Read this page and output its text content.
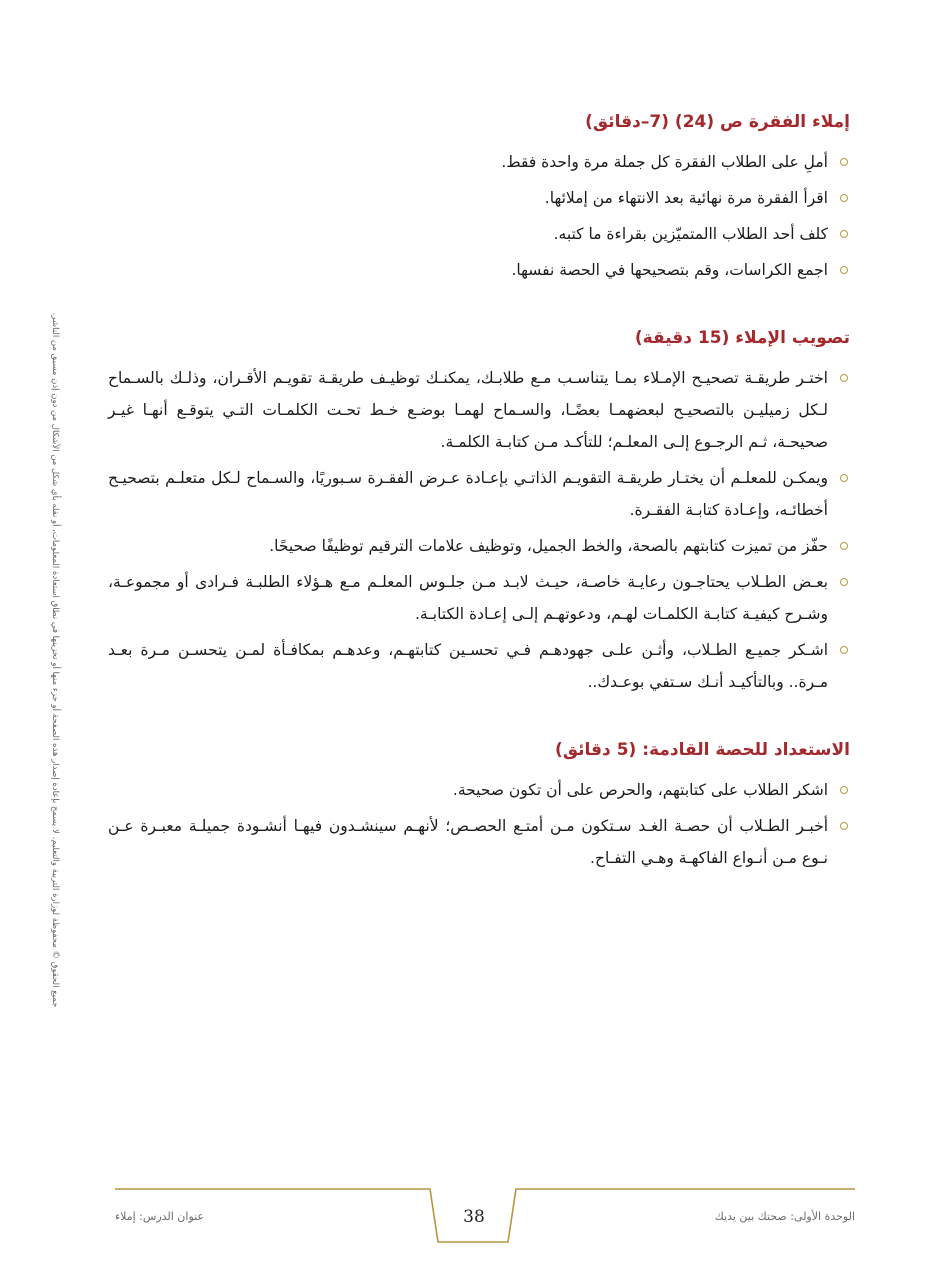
جميع الحقوق © محفوظة لوزارة التربية والتعليم. لا يسمح بإعادة إصدار هذه الصفحة أو جزء منها أو تخزينها في نطاق استعادة المعلومات، أو نقله بأي شكل من الأشكال من دون إذن مسبق من الناشر.
إملاء الفقرة ص (24) (7–دقائق)
أملِ على الطلاب الفقرة كل جملة مرة واحدة فقط.
اقرأ الفقرة مرة نهائية بعد الانتهاء من إملائها.
كلف أحد الطلاب االمتميّزين بقراءة ما كتبه.
اجمع الكراسات، وقم بتصحيحها في الحصة نفسها.
تصويب الإملاء (15 دقيقة)
اختـر طريقـة تصحيـح الإمـلاء بمـا يتناسـب مـع طلابـك، يمكنـك توظيـف طريقـة تقويـم الأقـران، وذلـك بالسـماح لـكل زميليـن بالتصحيـح لبعضهمـا بعضًـا، والسـماح لهمـا بوضـع خـط تحـت الكلمـات التـي يتوقـع أنهـا غيـر صحيحـة، ثـم الرجـوع إلـى المعلـم؛ للتأكـد مـن كتابـة الكلمـة.
ويمكـن للمعلـم أن يختـار طريقـة التقويـم الذاتـي بإعـادة عـرض الفقـرة سـبوريًا، والسـماح لـكل متعلـم بتصحيـح أخطائـه، وإعـادة كتابـة الفقـرة.
حفّز من تميزت كتابتهم بالصحة، والخط الجميل، وتوظيف علامات الترقيم توظيفًا صحيحًا.
بعـض الطـلاب يحتاجـون رعايـة خاصـة، حيـث لابـد مـن جلـوس المعلـم مـع هـؤلاء الطلبـة فـرادى أو مجموعـة، وشـرح كيفيـة كتابـة الكلمـات لهـم، ودعوتهـم إلـى إعـادة الكتابـة.
اشـكر جميـع الطـلاب، وأثـن علـى جهودهـم فـي تحسـين كتابتهـم، وعدهـم بمكافـأة لمـن يتحسـن مـرة بعـد مـرة.. وبالتأكيـد أنـك سـتفي بوعـدك..
الاستعداد للحصة القادمة: (5 دقائق)
اشكر الطلاب على كتابتهم، والحرص على أن تكون صحيحة.
أخبـر الطـلاب أن حصـة الغـد سـتكون مـن أمتـع الحصـص؛ لأنهـم سينشـدون فيهـا أنشـودة جميلـة معبـرة عـن نـوع مـن أنـواع الفاكهـة وهـي التفـاح.
عنوان الدرس: إملاء	38	الوحدة الأولى: صحتك بين يديك
